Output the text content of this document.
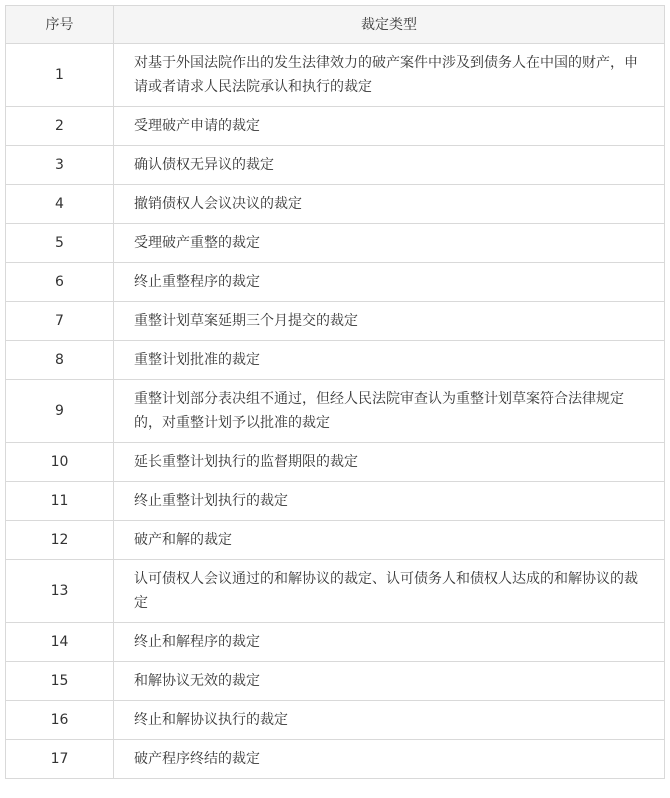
序号	裁定类型
1	对基于外国法院作出的发生法律效力的破产案件中涉及到债务人在中国的财产，申请或者请求人民法院承认和执行的裁定
2	受理破产申请的裁定
3	确认债权无异议的裁定
4	撤销债权人会议决议的裁定
5	受理破产重整的裁定
6	终止重整程序的裁定
7	重整计划草案延期三个月提交的裁定
8	重整计划批准的裁定
9	重整计划部分表决组不通过，但经人民法院审查认为重整计划草案符合法律规定的，对重整计划予以批准的裁定
10	延长重整计划执行的监督期限的裁定
11	终止重整计划执行的裁定
12	破产和解的裁定
13	认可债权人会议通过的和解协议的裁定、认可债务人和债权人达成的和解协议的裁定
14	终止和解程序的裁定
15	和解协议无效的裁定
16	终止和解协议执行的裁定
17	破产程序终结的裁定
